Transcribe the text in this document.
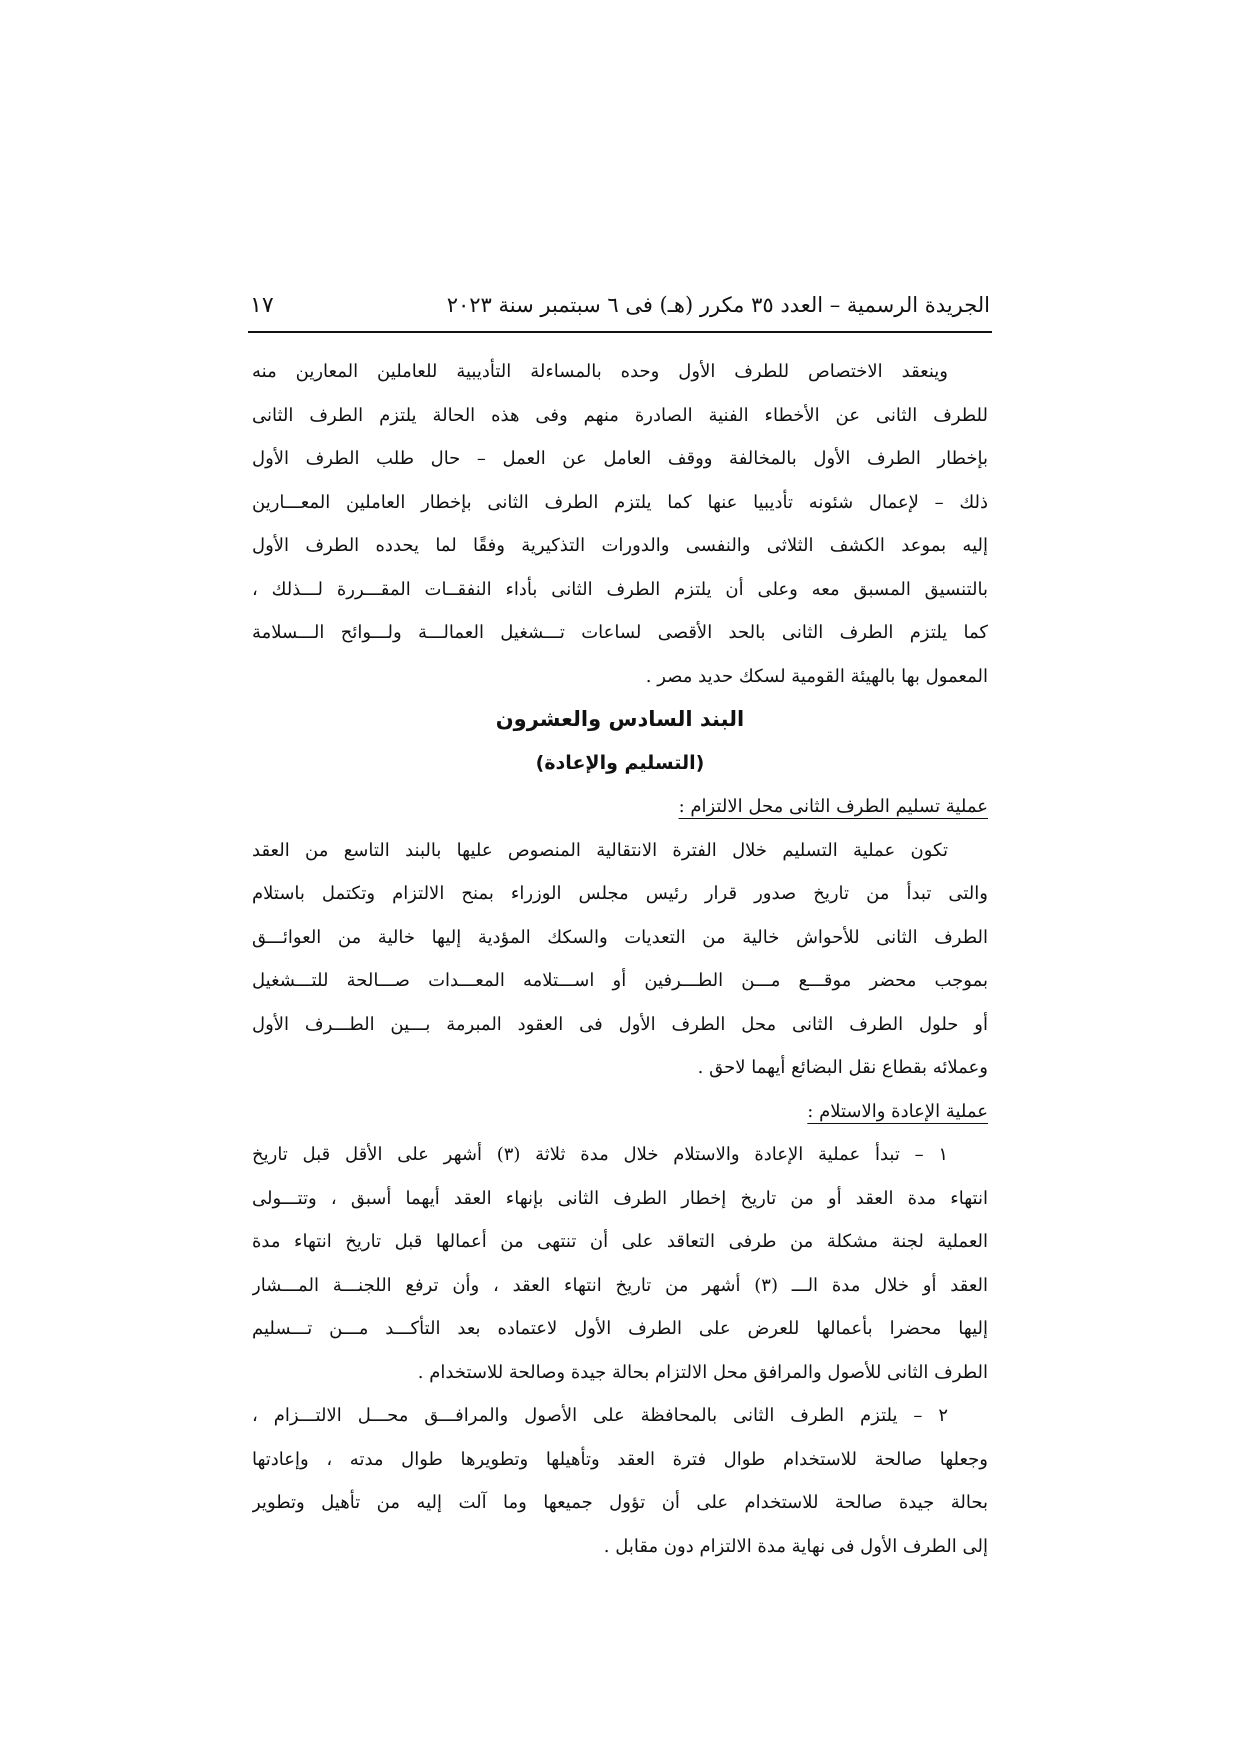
الجريدة الرسمية – العدد ٣٥ مكرر (هـ) فى ٦ سبتمبر سنة ٢٠٢٣
١٧
وينعقد الاختصاص للطرف الأول وحده بالمساءلة التأديبية للعاملين المعارين منه
للطرف الثانى عن الأخطاء الفنية الصادرة منهم وفى هذه الحالة يلتزم الطرف الثانى
بإخطار الطرف الأول بالمخالفة ووقف العامل عن العمل – حال طلب الطرف الأول
ذلك – لإعمال شئونه تأديبيا عنها كما يلتزم الطرف الثانى بإخطار العاملين المعـــارين
إليه بموعد الكشف الثلاثى والنفسى والدورات التذكيرية وفقًا لما يحدده الطرف الأول
بالتنسيق المسبق معه وعلى أن يلتزم الطرف الثانى بأداء النفقــات المقـــررة لـــذلك ،
كما يلتزم الطرف الثانى بالحد الأقصى لساعات تـــشغيل العمالـــة ولـــوائح الـــسلامة
المعمول بها بالهيئة القومية لسكك حديد مصر .
البند السادس والعشرون
(التسليم والإعادة)
عملية تسليم الطرف الثانى محل الالتزام :
تكون عملية التسليم خلال الفترة الانتقالية المنصوص عليها بالبند التاسع من العقد
والتى تبدأ من تاريخ صدور قرار رئيس مجلس الوزراء بمنح الالتزام وتكتمل باستلام
الطرف الثانى للأحواش خالية من التعديات والسكك المؤدية إليها خالية من العوائـــق
بموجب محضر موقـــع مـــن الطـــرفين أو اســـتلامه المعـــدات صـــالحة للتـــشغيل
أو حلول الطرف الثانى محل الطرف الأول فى العقود المبرمة بـــين الطـــرف الأول
وعملائه بقطاع نقل البضائع أيهما لاحق .
عملية الإعادة والاستلام :
١ – تبدأ عملية الإعادة والاستلام خلال مدة ثلاثة (٣) أشهر على الأقل قبل تاريخ
انتهاء مدة العقد أو من تاريخ إخطار الطرف الثانى بإنهاء العقد أيهما أسبق ، وتتـــولى
العملية لجنة مشكلة من طرفى التعاقد على أن تنتهى من أعمالها قبل تاريخ انتهاء مدة
العقد أو خلال مدة الـــ (٣) أشهر من تاريخ انتهاء العقد ، وأن ترفع اللجنـــة المـــشار
إليها محضرا بأعمالها للعرض على الطرف الأول لاعتماده بعد التأكـــد مـــن تـــسليم
الطرف الثانى للأصول والمرافق محل الالتزام بحالة جيدة وصالحة للاستخدام .
٢ – يلتزم الطرف الثانى بالمحافظة على الأصول والمرافـــق محـــل الالتـــزام ،
وجعلها صالحة للاستخدام طوال فترة العقد وتأهيلها وتطويرها طوال مدته ، وإعادتها
بحالة جيدة صالحة للاستخدام على أن تؤول جميعها وما آلت إليه من تأهيل وتطوير
إلى الطرف الأول فى نهاية مدة الالتزام دون مقابل .
